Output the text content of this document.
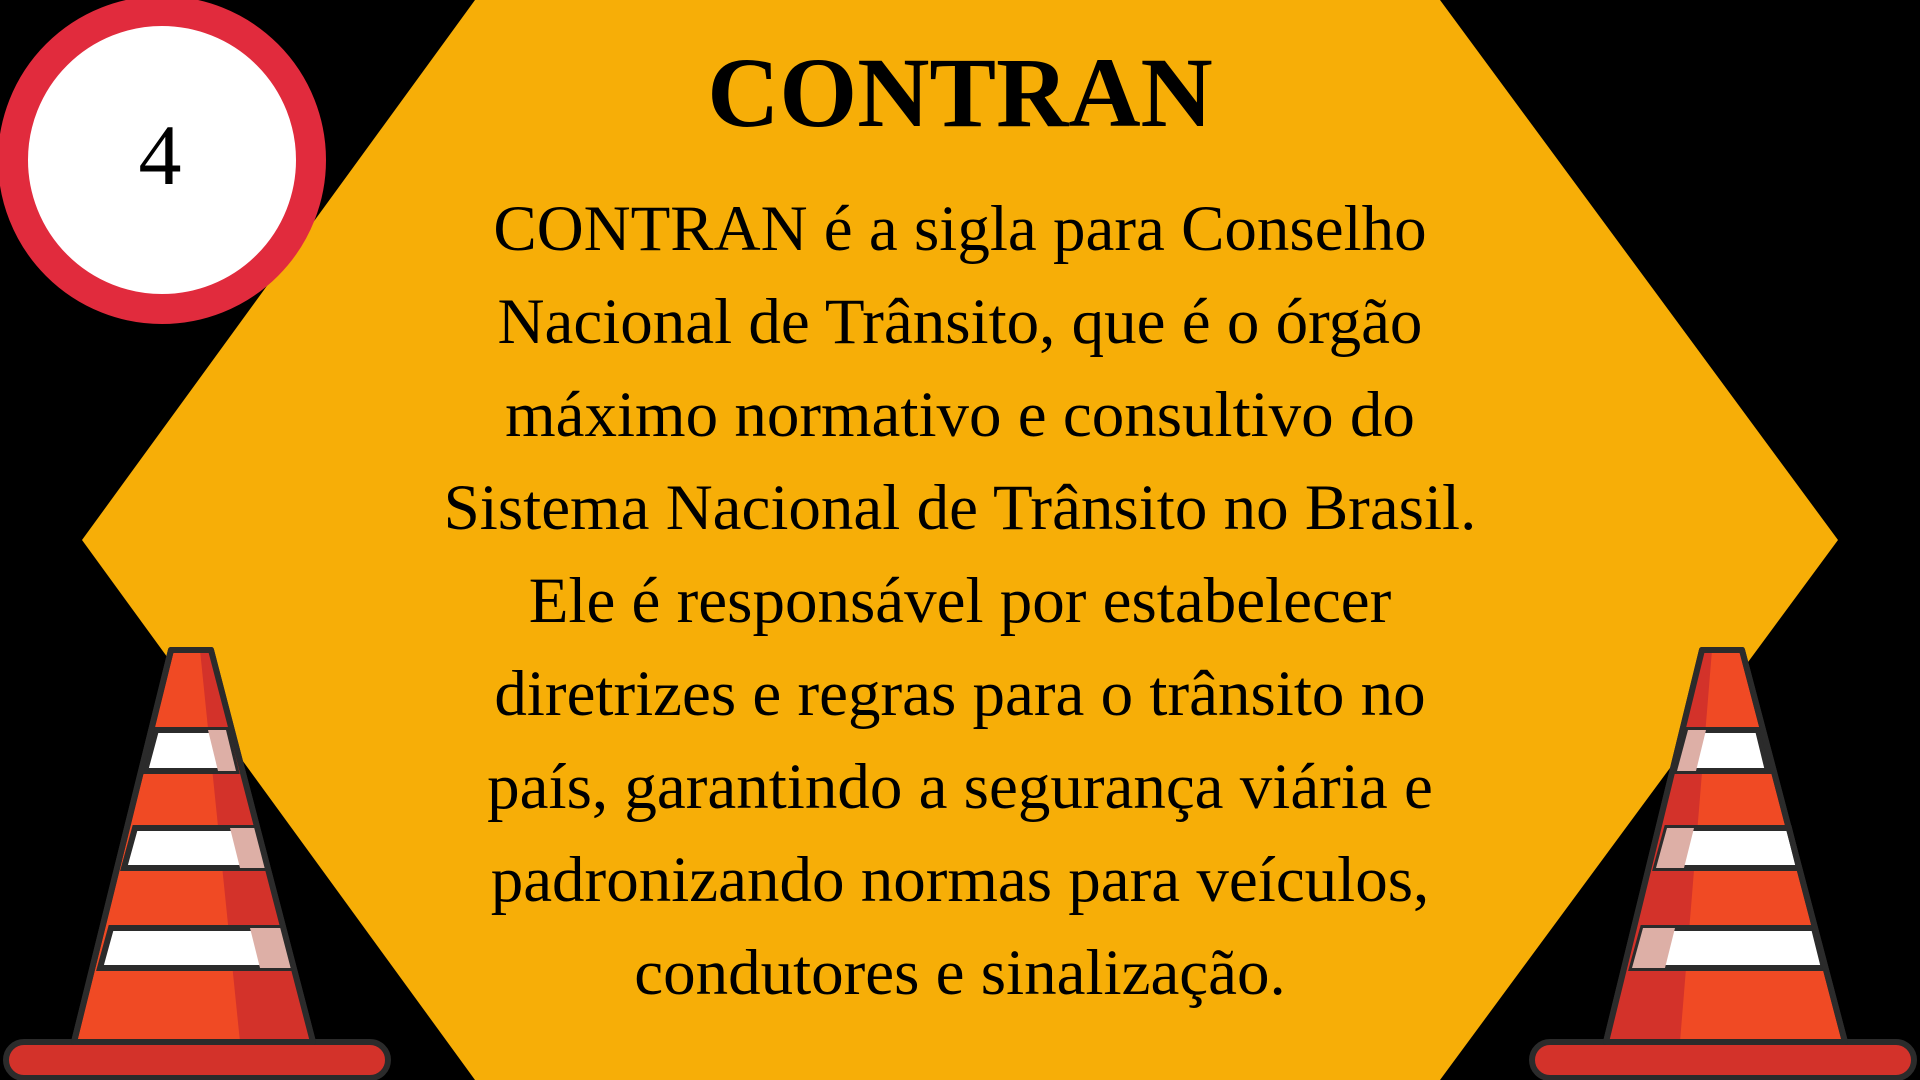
4
CONTRAN
CONTRAN é a sigla para Conselho
Nacional de Trânsito, que é o órgão
máximo normativo e consultivo do
Sistema Nacional de Trânsito no Brasil.
Ele é responsável por estabelecer
diretrizes e regras para o trânsito no
país, garantindo a segurança viária e
padronizando normas para veículos,
condutores e sinalização.
